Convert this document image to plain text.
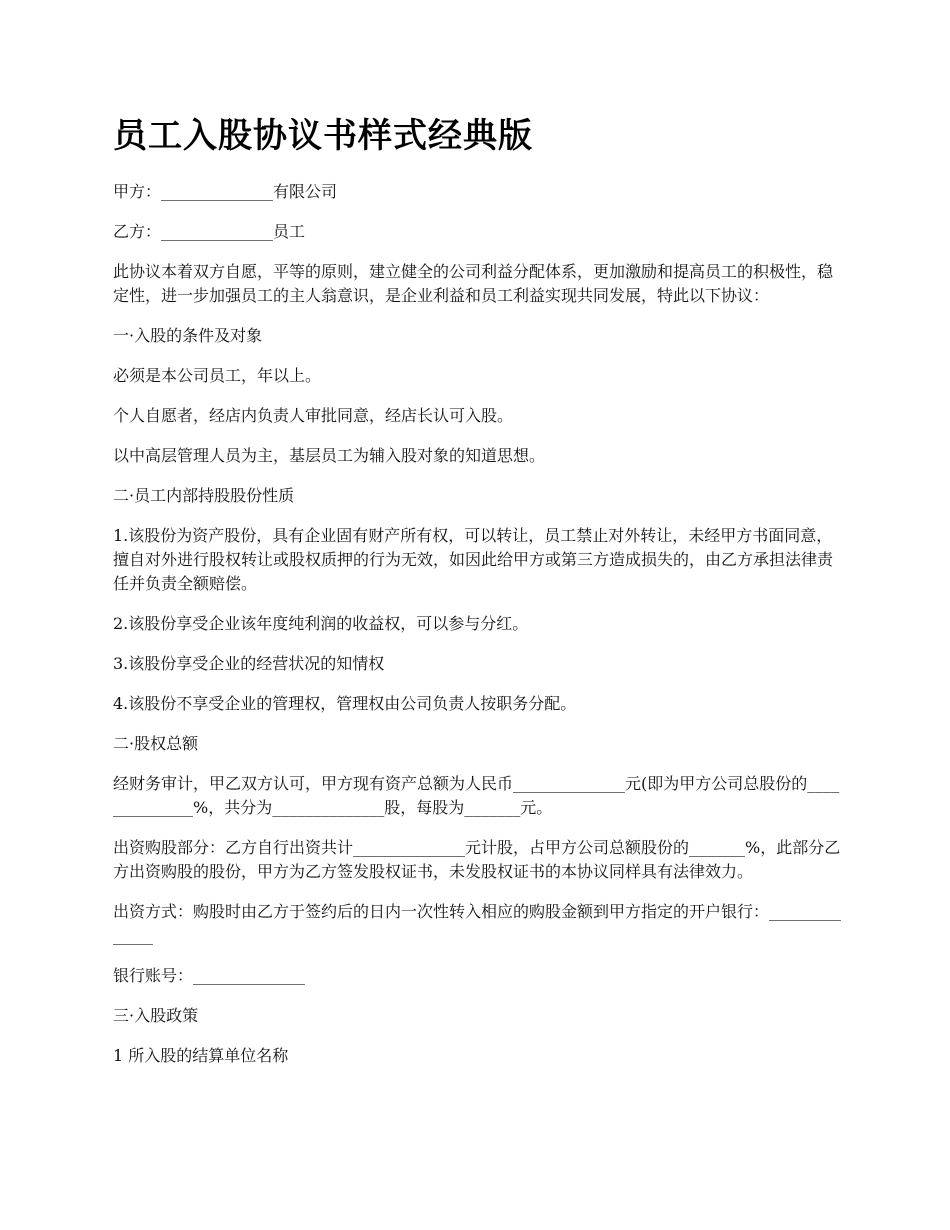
员工入股协议书样式经典版

甲方：______________有限公司

乙方：______________员工

此协议本着双方自愿，平等的原则，建立健全的公司利益分配体系，更加激励和提高员工的积极性，稳定性，进一步加强员工的主人翁意识，是企业利益和员工利益实现共同发展，特此以下协议：

一·入股的条件及对象

必须是本公司员工，年以上。

个人自愿者，经店内负责人审批同意，经店长认可入股。

以中高层管理人员为主，基层员工为辅入股对象的知道思想。

二·员工内部持股股份性质

1.该股份为资产股份，具有企业固有财产所有权，可以转让，员工禁止对外转让，未经甲方书面同意，擅自对外进行股权转让或股权质押的行为无效，如因此给甲方或第三方造成损失的，由乙方承担法律责任并负责全额赔偿。

2.该股份享受企业该年度纯利润的收益权，可以参与分红。

3.该股份享受企业的经营状况的知情权

4.该股份不享受企业的管理权，管理权由公司负责人按职务分配。

二·股权总额

经财务审计，甲乙双方认可，甲方现有资产总额为人民币______________元(即为甲方公司总股份的______________%，共分为______________股，每股为_______元。

出资购股部分：乙方自行出资共计______________元计股，占甲方公司总额股份的_______%，此部分乙方出资购股的股份，甲方为乙方签发股权证书，未发股权证书的本协议同样具有法律效力。

出资方式：购股时由乙方于签约后的日内一次性转入相应的购股金额到甲方指定的开户银行：______________

银行账号：______________

三·入股政策

1 所入股的结算单位名称
